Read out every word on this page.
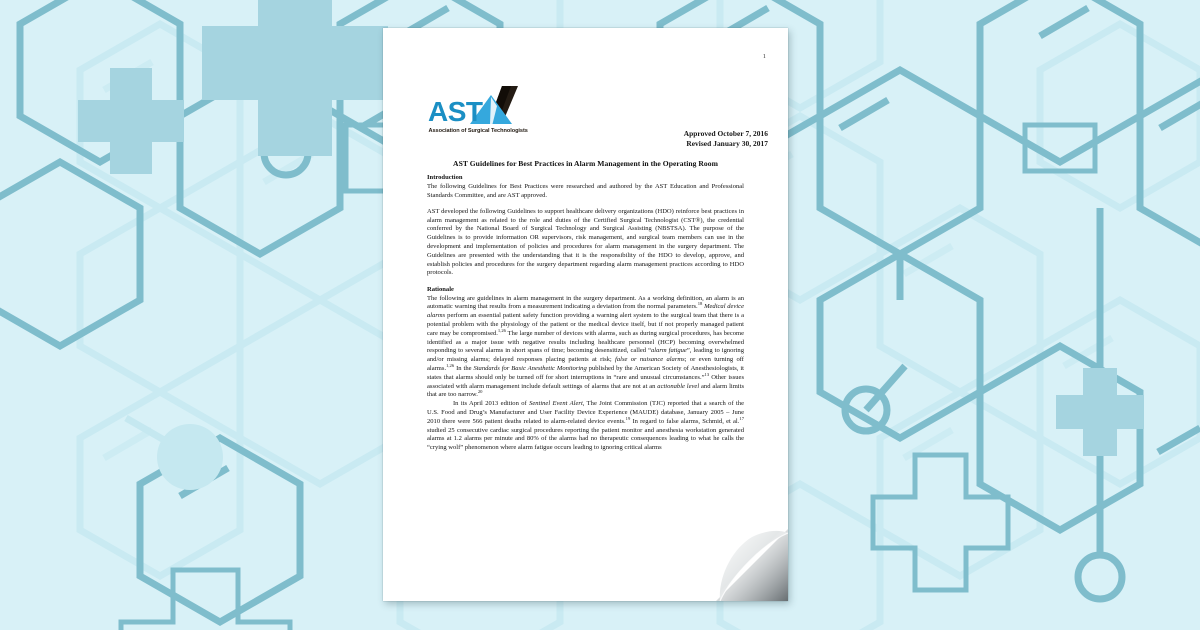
1
AST
Association of Surgical Technologists	Approved October 7, 2016
Revised January 30, 2017
AST Guidelines for Best Practices in Alarm Management in the Operating Room
Introduction

The following Guidelines for Best Practices were researched and authored by the AST Education and Professional Standards Committee, and are AST approved.

AST developed the following Guidelines to support healthcare delivery organizations (HDO) reinforce best practices in alarm management as related to the role and duties of the Certified Surgical Technologist (CST®), the credential conferred by the National Board of Surgical Technology and Surgical Assisting (NBSTSA). The purpose of the Guidelines is to provide information OR supervisors, risk management, and surgical team members can use in the development and implementation of policies and procedures for alarm management in the surgery department. The Guidelines are presented with the understanding that it is the responsibility of the HDO to develop, approve, and establish policies and procedures for the surgery department regarding alarm management practices according to HDO protocols.

Rationale

The following are guidelines in alarm management in the surgery department. As a working definition, an alarm is an automatic warning that results from a measurement indicating a deviation from the normal parameters.$^{18}$ Medical device alarms perform an essential patient safety function providing a warning alert system to the surgical team that there is a potential problem with the physiology of the patient or the medical device itself, but if not properly managed patient care may be compromised.$^{1,26}$ The large number of devices with alarms, such as during surgical procedures, has become identified as a major issue with negative results including healthcare personnel (HCP) becoming overwhelmed responding to several alarms in short spans of time; becoming desensitized, called “alarm fatigue”, leading to ignoring and/or missing alarms; delayed responses placing patients at risk; false or nuisance alarms; or even turning off alarms.$^{1,26}$ In the Standards for Basic Anesthetic Monitoring published by the American Society of Anesthesiologists, it states that alarms should only be turned off for short interruptions in “rare and unusual circumstances.”$^{13}$ Other issues associated with alarm management include default settings of alarms that are not at an actionable level and alarm limits that are too narrow.$^{20}$

In its April 2013 edition of Sentinel Event Alert, The Joint Commission (TJC) reported that a search of the U.S. Food and Drug’s Manufacturer and User Facility Device Experience (MAUDE) database, January 2005 – June 2010 there were 566 patient deaths related to alarm-related device events.$^{19}$ In regard to false alarms, Schmid, et al.$^{17}$ studied 25 consecutive cardiac surgical procedures reporting the patient monitor and anesthesia workstation generated alarms at 1.2 alarms per minute and 80% of the alarms had no therapeutic consequences leading to what he calls the “crying wolf” phenomenon where alarm fatigue occurs leading to ignoring critical alarms
